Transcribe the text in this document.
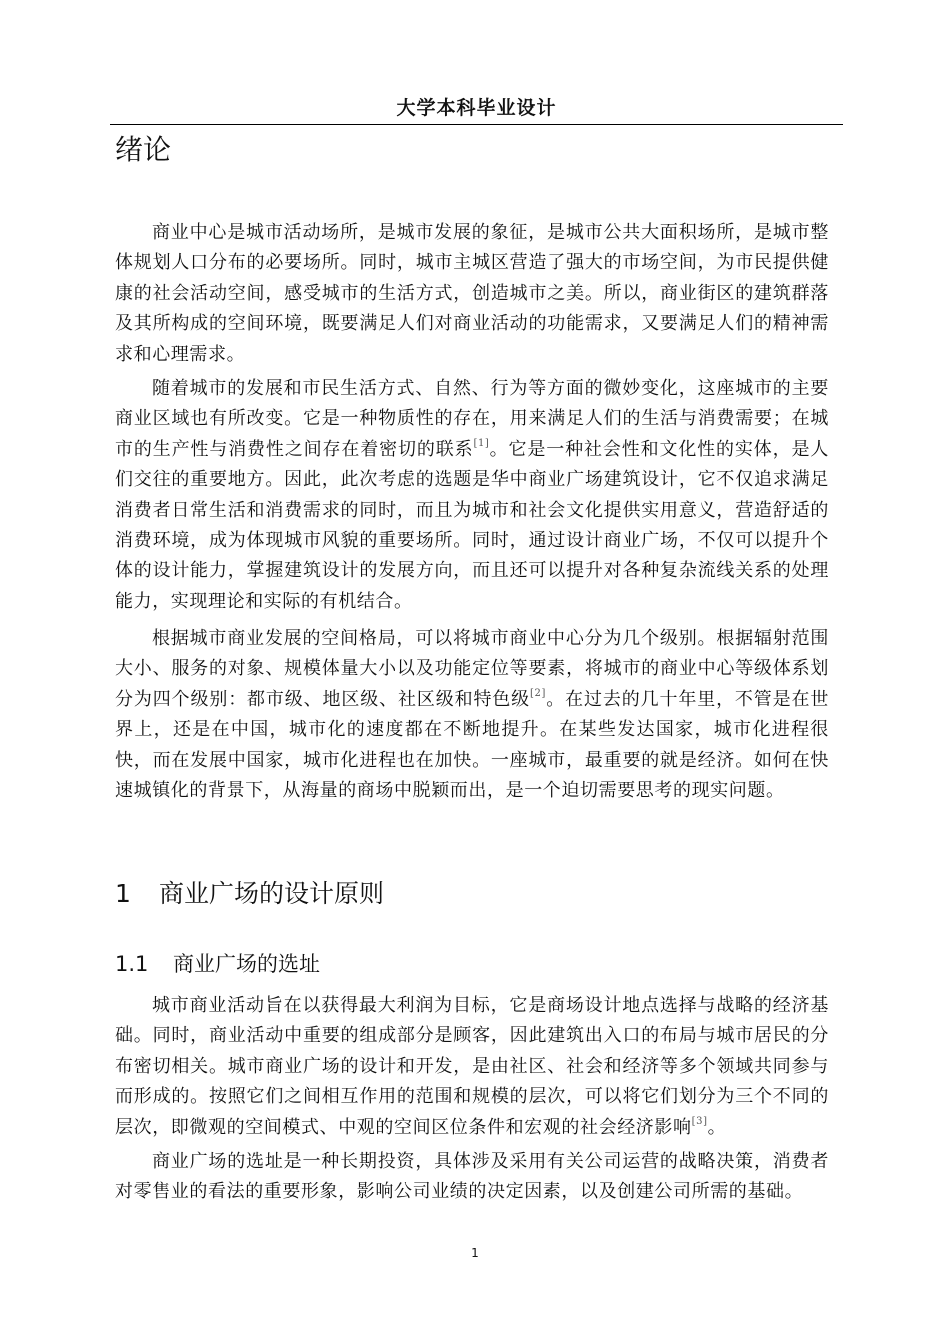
大学本科毕业设计
绪论

商业中心是城市活动场所，是城市发展的象征，是城市公共大面积场所，是城市整体规划人口分布的必要场所。同时，城市主城区营造了强大的市场空间，为市民提供健康的社会活动空间，感受城市的生活方式，创造城市之美。所以，商业街区的建筑群落及其所构成的空间环境，既要满足人们对商业活动的功能需求，又要满足人们的精神需求和心理需求。

随着城市的发展和市民生活方式、自然、行为等方面的微妙变化，这座城市的主要商业区域也有所改变。它是一种物质性的存在，用来满足人们的生活与消费需要；在城市的生产性与消费性之间存在着密切的联系[1]。它是一种社会性和文化性的实体，是人们交往的重要地方。因此，此次考虑的选题是华中商业广场建筑设计，它不仅追求满足消费者日常生活和消费需求的同时，而且为城市和社会文化提供实用意义，营造舒适的消费环境，成为体现城市风貌的重要场所。同时，通过设计商业广场，不仅可以提升个体的设计能力，掌握建筑设计的发展方向，而且还可以提升对各种复杂流线关系的处理能力，实现理论和实际的有机结合。

根据城市商业发展的空间格局，可以将城市商业中心分为几个级别。根据辐射范围大小、服务的对象、规模体量大小以及功能定位等要素，将城市的商业中心等级体系划分为四个级别：都市级、地区级、社区级和特色级[2]。在过去的几十年里，不管是在世界上，还是在中国，城市化的速度都在不断地提升。在某些发达国家，城市化进程很快，而在发展中国家，城市化进程也在加快。一座城市，最重要的就是经济。如何在快速城镇化的背景下，从海量的商场中脱颖而出，是一个迫切需要思考的现实问题。

1 商业广场的设计原则
1.1 商业广场的选址

城市商业活动旨在以获得最大利润为目标，它是商场设计地点选择与战略的经济基础。同时，商业活动中重要的组成部分是顾客，因此建筑出入口的布局与城市居民的分布密切相关。城市商业广场的设计和开发，是由社区、社会和经济等多个领域共同参与而形成的。按照它们之间相互作用的范围和规模的层次，可以将它们划分为三个不同的层次，即微观的空间模式、中观的空间区位条件和宏观的社会经济影响[3]。

商业广场的选址是一种长期投资，具体涉及采用有关公司运营的战略决策，消费者对零售业的看法的重要形象，影响公司业绩的决定因素，以及创建公司所需的基础。

1
